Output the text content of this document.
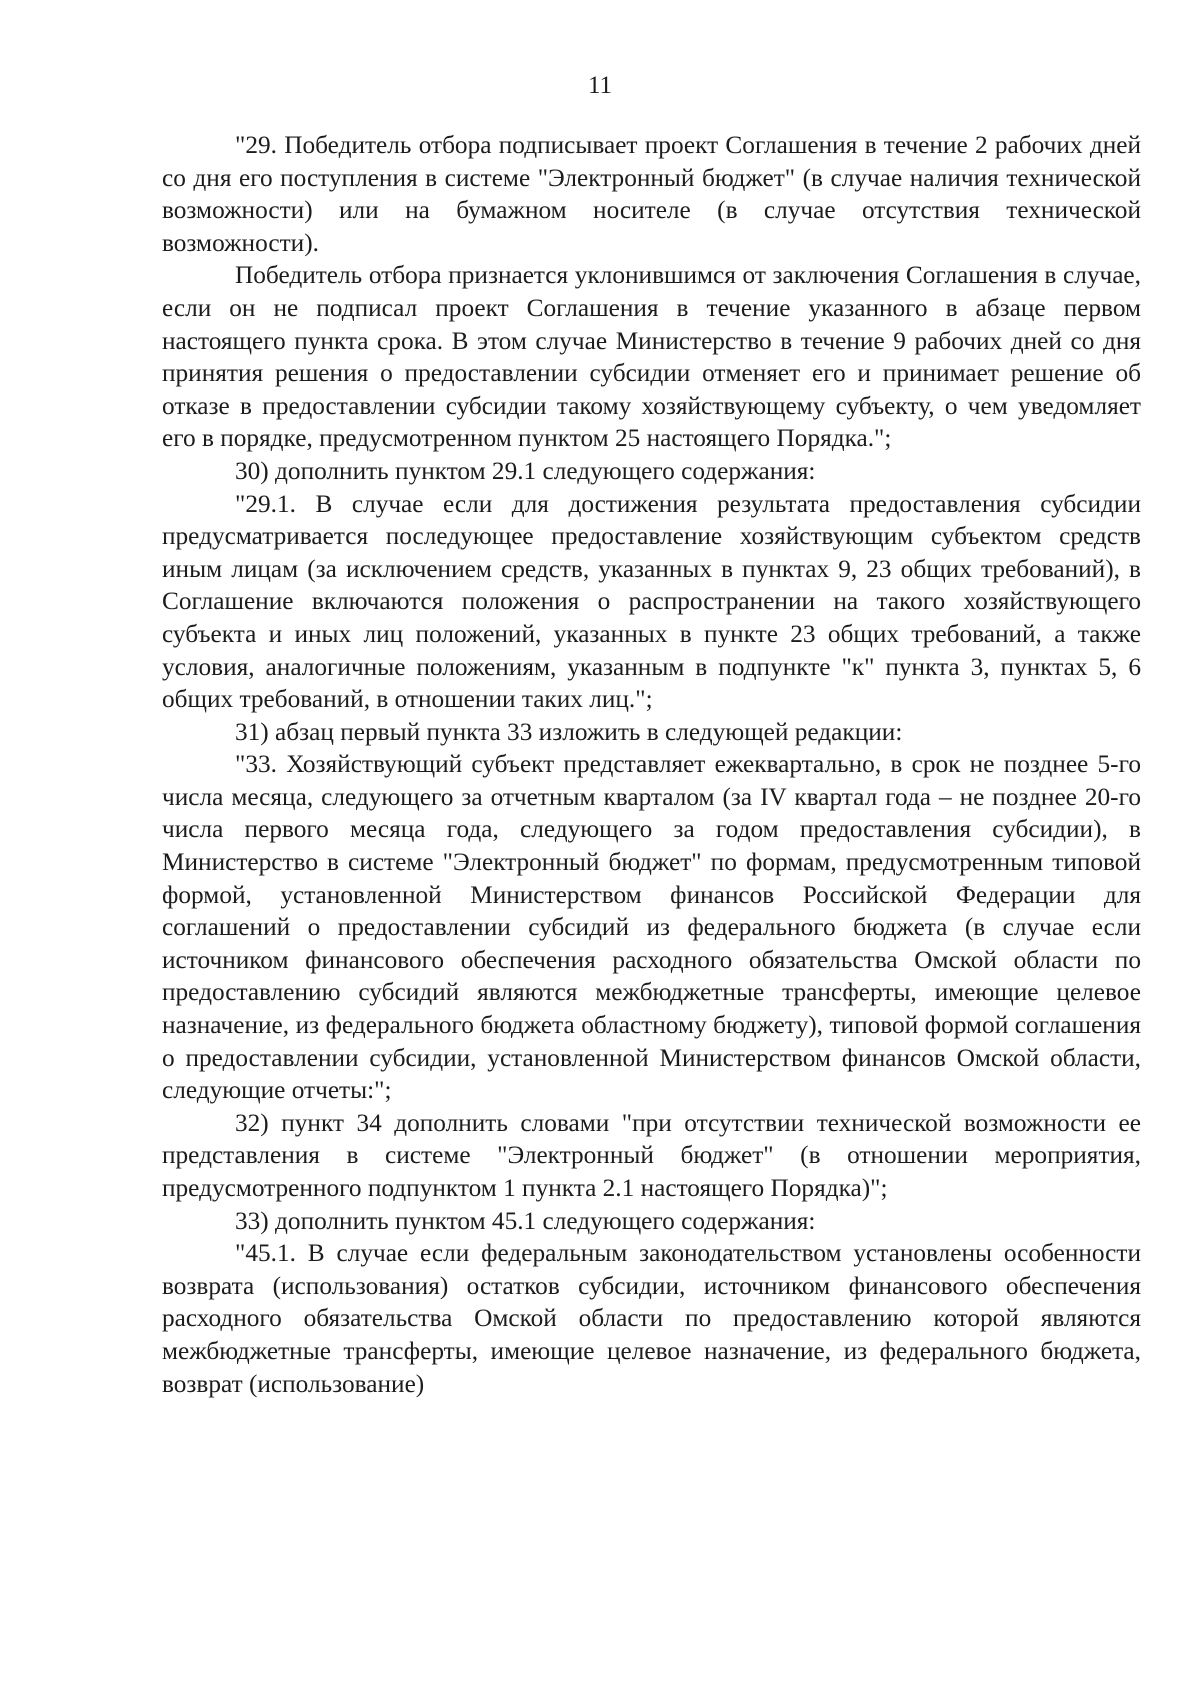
11

"29. Победитель отбора подписывает проект Соглашения в течение 2 рабочих дней со дня его поступления в системе "Электронный бюджет" (в случае наличия технической возможности) или на бумажном носителе (в случае отсутствия технической возможности).

Победитель отбора признается уклонившимся от заключения Соглашения в случае, если он не подписал проект Соглашения в течение указанного в абзаце первом настоящего пункта срока. В этом случае Министерство в течение 9 рабочих дней со дня принятия решения о предоставлении субсидии отменяет его и принимает решение об отказе в предоставлении субсидии такому хозяйствующему субъекту, о чем уведомляет его в порядке, предусмотренном пунктом 25 настоящего Порядка.";

30) дополнить пунктом 29.1 следующего содержания:

"29.1. В случае если для достижения результата предоставления субсидии предусматривается последующее предоставление хозяйствующим субъектом средств иным лицам (за исключением средств, указанных в пунктах 9, 23 общих требований), в Соглашение включаются положения о распространении на такого хозяйствующего субъекта и иных лиц положений, указанных в пункте 23 общих требований, а также условия, аналогичные положениям, указанным в подпункте "к" пункта 3, пунктах 5, 6 общих требований, в отношении таких лиц.";

31) абзац первый пункта 33 изложить в следующей редакции:

"33. Хозяйствующий субъект представляет ежеквартально, в срок не позднее 5-го числа месяца, следующего за отчетным кварталом (за IV квартал года – не позднее 20-го числа первого месяца года, следующего за годом предоставления субсидии), в Министерство в системе "Электронный бюджет" по формам, предусмотренным типовой формой, установленной Министерством финансов Российской Федерации для соглашений о предоставлении субсидий из федерального бюджета (в случае если источником финансового обеспечения расходного обязательства Омской области по предоставлению субсидий являются межбюджетные трансферты, имеющие целевое назначение, из федерального бюджета областному бюджету), типовой формой соглашения о предоставлении субсидии, установленной Министерством финансов Омской области, следующие отчеты:";

32) пункт 34 дополнить словами "при отсутствии технической возможности ее представления в системе "Электронный бюджет" (в отношении мероприятия, предусмотренного подпунктом 1 пункта 2.1 настоящего Порядка)";

33) дополнить пунктом 45.1 следующего содержания:

"45.1. В случае если федеральным законодательством установлены особенности возврата (использования) остатков субсидии, источником финансового обеспечения расходного обязательства Омской области по предоставлению которой являются межбюджетные трансферты, имеющие целевое назначение, из федерального бюджета, возврат (использование)
